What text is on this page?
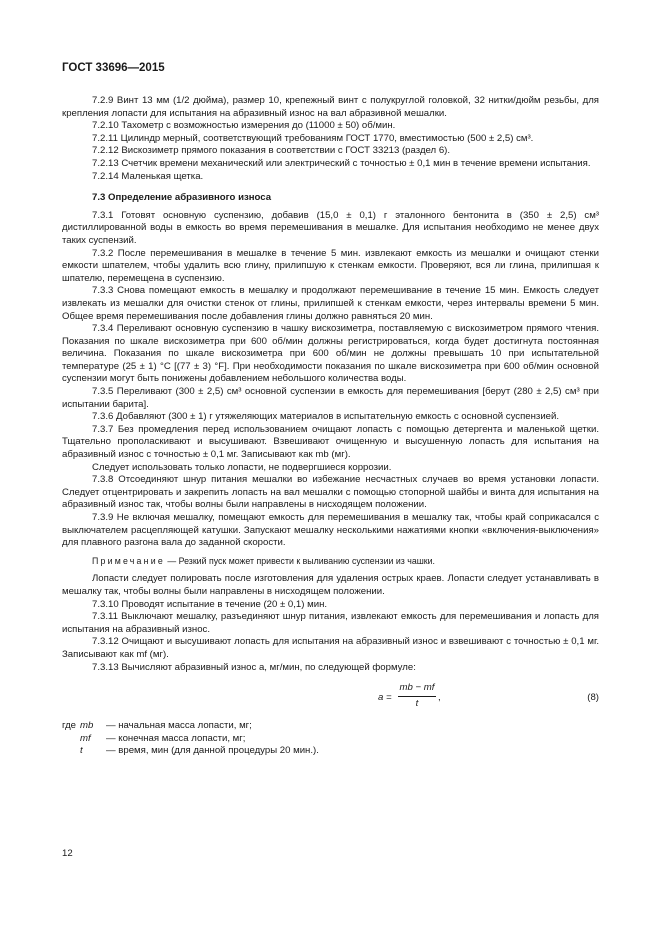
ГОСТ 33696—2015

7.2.9 Винт 13 мм (1/2 дюйма), размер 10, крепежный винт с полукруглой головкой, 32 нитки/дюйм резьбы, для крепления лопасти для испытания на абразивный износ на вал абразивной мешалки.

7.2.10 Тахометр с возможностью измерения до (11000 ± 50) об/мин.

7.2.11 Цилиндр мерный, соответствующий требованиям ГОСТ 1770, вместимостью (500 ± 2,5) см³.

7.2.12 Вискозиметр прямого показания в соответствии с ГОСТ 33213 (раздел 6).

7.2.13 Счетчик времени механический или электрический с точностью ± 0,1 мин в течение времени испытания.

7.2.14 Маленькая щетка.

7.3 Определение абразивного износа

7.3.1 Готовят основную суспензию, добавив (15,0 ± 0,1) г эталонного бентонита в (350 ± 2,5) см³ дистиллированной воды в емкость во время перемешивания в мешалке. Для испытания необходимо не менее двух таких суспензий.

7.3.2 После перемешивания в мешалке в течение 5 мин. извлекают емкость из мешалки и очищают стенки емкости шпателем, чтобы удалить всю глину, прилипшую к стенкам емкости. Проверяют, вся ли глина, прилипшая к шпателю, перемещена в суспензию.

7.3.3 Снова помещают емкость в мешалку и продолжают перемешивание в течение 15 мин. Емкость следует извлекать из мешалки для очистки стенок от глины, прилипшей к стенкам емкости, через интервалы времени 5 мин. Общее время перемешивания после добавления глины должно равняться 20 мин.

7.3.4 Переливают основную суспензию в чашку вискозиметра, поставляемую с вискозиметром прямого чтения. Показания по шкале вискозиметра при 600 об/мин должны регистрироваться, когда будет достигнута постоянная величина. Показания по шкале вискозиметра при 600 об/мин не должны превышать 10 при испытательной температуре (25 ± 1) °C [(77 ± 3) °F]. При необходимости показания по шкале вискозиметра при 600 об/мин основной суспензии могут быть понижены добавлением небольшого количества воды.

7.3.5 Переливают (300 ± 2,5) см³ основной суспензии в емкость для перемешивания [берут (280 ± 2,5) см³ при испытании барита].

7.3.6 Добавляют (300 ± 1) г утяжеляющих материалов в испытательную емкость с основной суспензией.

7.3.7 Без промедления перед использованием очищают лопасть с помощью детергента и маленькой щетки. Тщательно прополаскивают и высушивают. Взвешивают очищенную и высушенную лопасть для испытания на абразивный износ с точностью ± 0,1 мг. Записывают как mb (мг).

Следует использовать только лопасти, не подвергшиеся коррозии.

7.3.8 Отсоединяют шнур питания мешалки во избежание несчастных случаев во время установки лопасти. Следует отцентрировать и закрепить лопасть на вал мешалки с помощью стопорной шайбы и винта для испытания на абразивный износ так, чтобы волны были направлены в нисходящем положении.

7.3.9 Не включая мешалку, помещают емкость для перемешивания в мешалку так, чтобы край соприкасался с выключателем расцепляющей катушки. Запускают мешалку несколькими нажатиями кнопки «включения-выключения» для плавного разгона вала до заданной скорости.

Примечание — Резкий пуск может привести к выливанию суспензии из чашки.

Лопасти следует полировать после изготовления для удаления острых краев. Лопасти следует устанавливать в мешалку так, чтобы волны были направлены в нисходящем положении.

7.3.10 Проводят испытание в течение (20 ± 0,1) мин.

7.3.11 Выключают мешалку, разъединяют шнур питания, извлекают емкость для перемешивания и лопасть для испытания на абразивный износ.

7.3.12 Очищают и высушивают лопасть для испытания на абразивный износ и взвешивают с точностью ± 0,1 мг. Записывают как mf (мг).

7.3.13 Вычисляют абразивный износ a, мг/мин, по следующей формуле:

$a = \frac{mb - mf}{t}$ ,	(8)
где mb	— начальная масса лопасти, мг;
mf	— конечная масса лопасти, мг;
t	— время, мин (для данной процедуры 20 мин.).
12
